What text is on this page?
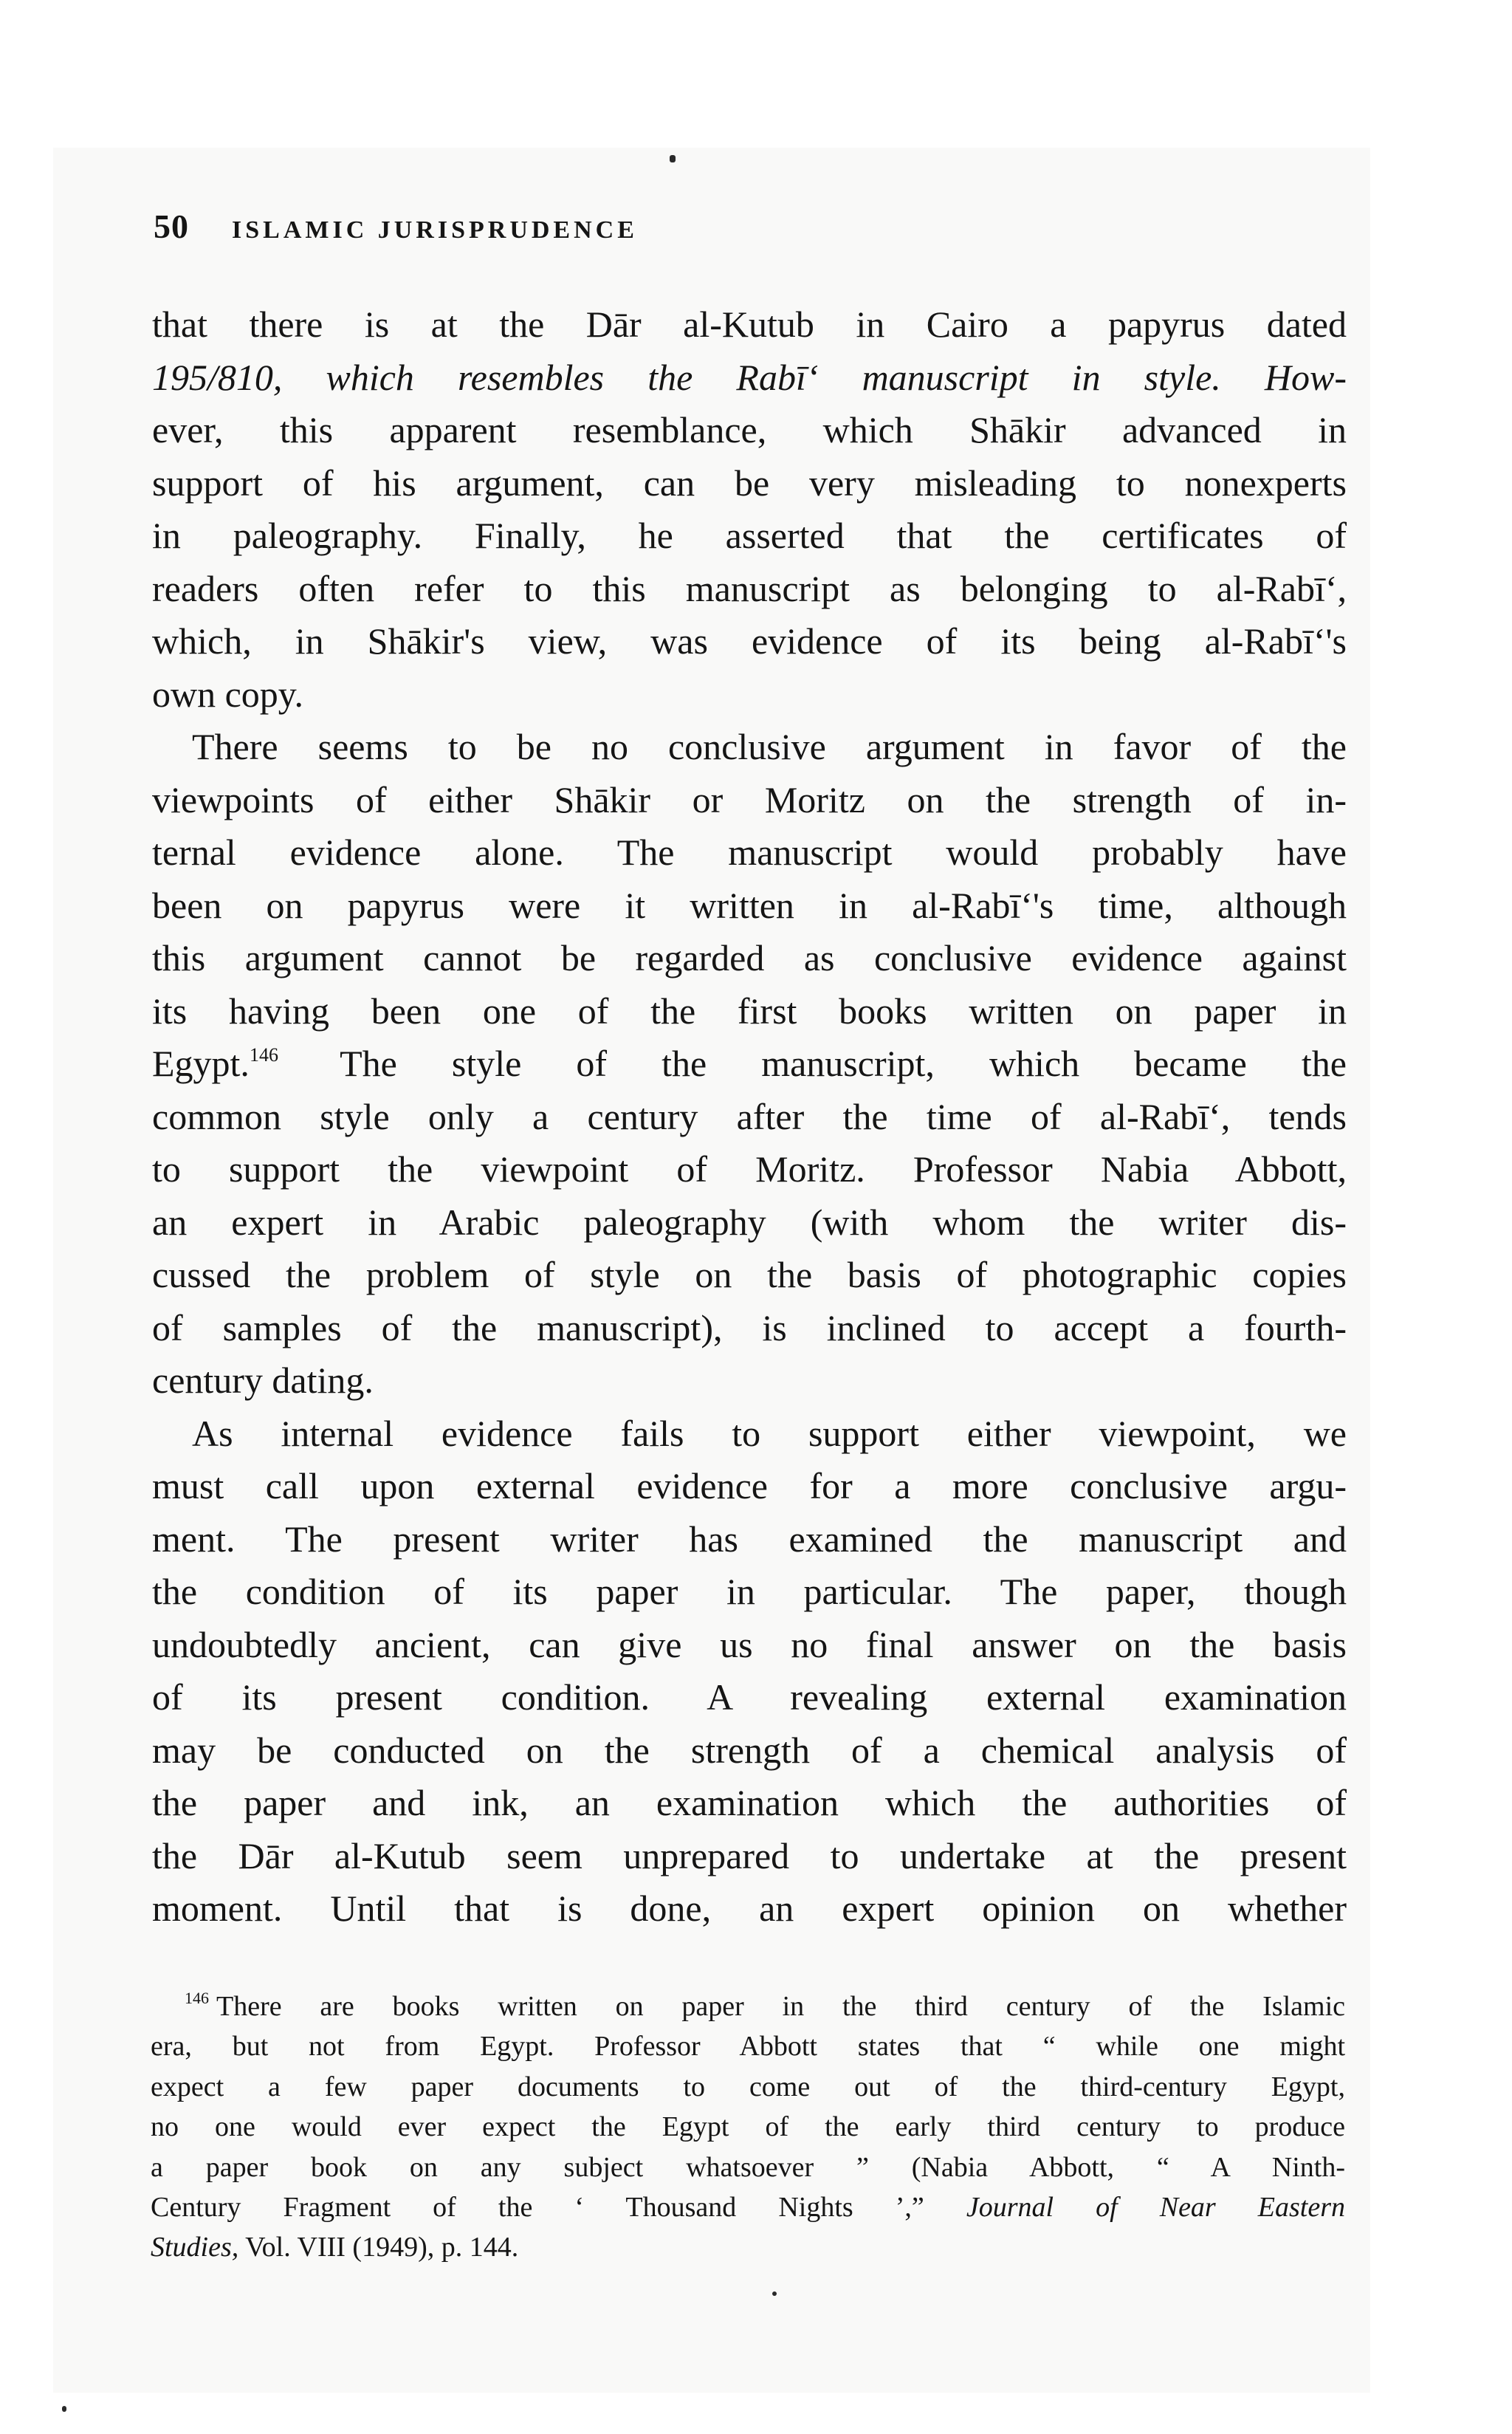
50 ISLAMIC JURISPRUDENCE
that there is at the Dār al-Kutub in Cairo a papyrus dated
195/810, which resembles the Rabī‘ manuscript in style. How-
ever, this apparent resemblance, which Shākir advanced in
support of his argument, can be very misleading to nonexperts
in paleography. Finally, he asserted that the certificates of
readers often refer to this manuscript as belonging to al-Rabī‘,
which, in Shākir's view, was evidence of its being al-Rabī‘'s
own copy.
There seems to be no conclusive argument in favor of the
viewpoints of either Shākir or Moritz on the strength of in-
ternal evidence alone. The manuscript would probably have
been on papyrus were it written in al-Rabī‘'s time, although
this argument cannot be regarded as conclusive evidence against
its having been one of the first books written on paper in
Egypt.$^{146}$ The style of the manuscript, which became the
common style only a century after the time of al-Rabī‘, tends
to support the viewpoint of Moritz. Professor Nabia Abbott,
an expert in Arabic paleography (with whom the writer dis-
cussed the problem of style on the basis of photographic copies
of samples of the manuscript), is inclined to accept a fourth-
century dating.
As internal evidence fails to support either viewpoint, we
must call upon external evidence for a more conclusive argu-
ment. The present writer has examined the manuscript and
the condition of its paper in particular. The paper, though
undoubtedly ancient, can give us no final answer on the basis
of its present condition. A revealing external examination
may be conducted on the strength of a chemical analysis of
the paper and ink, an examination which the authorities of
the Dār al-Kutub seem unprepared to undertake at the present
moment. Until that is done, an expert opinion on whether
$^{146}$ There are books written on paper in the third century of the Islamic
era, but not from Egypt. Professor Abbott states that “ while one might
expect a few paper documents to come out of the third-century Egypt,
no one would ever expect the Egypt of the early third century to produce
a paper book on any subject whatsoever ” (Nabia Abbott, “ A Ninth-
Century Fragment of the ‘ Thousand Nights ’,” Journal of Near Eastern
Studies, Vol. VIII (1949), p. 144.
